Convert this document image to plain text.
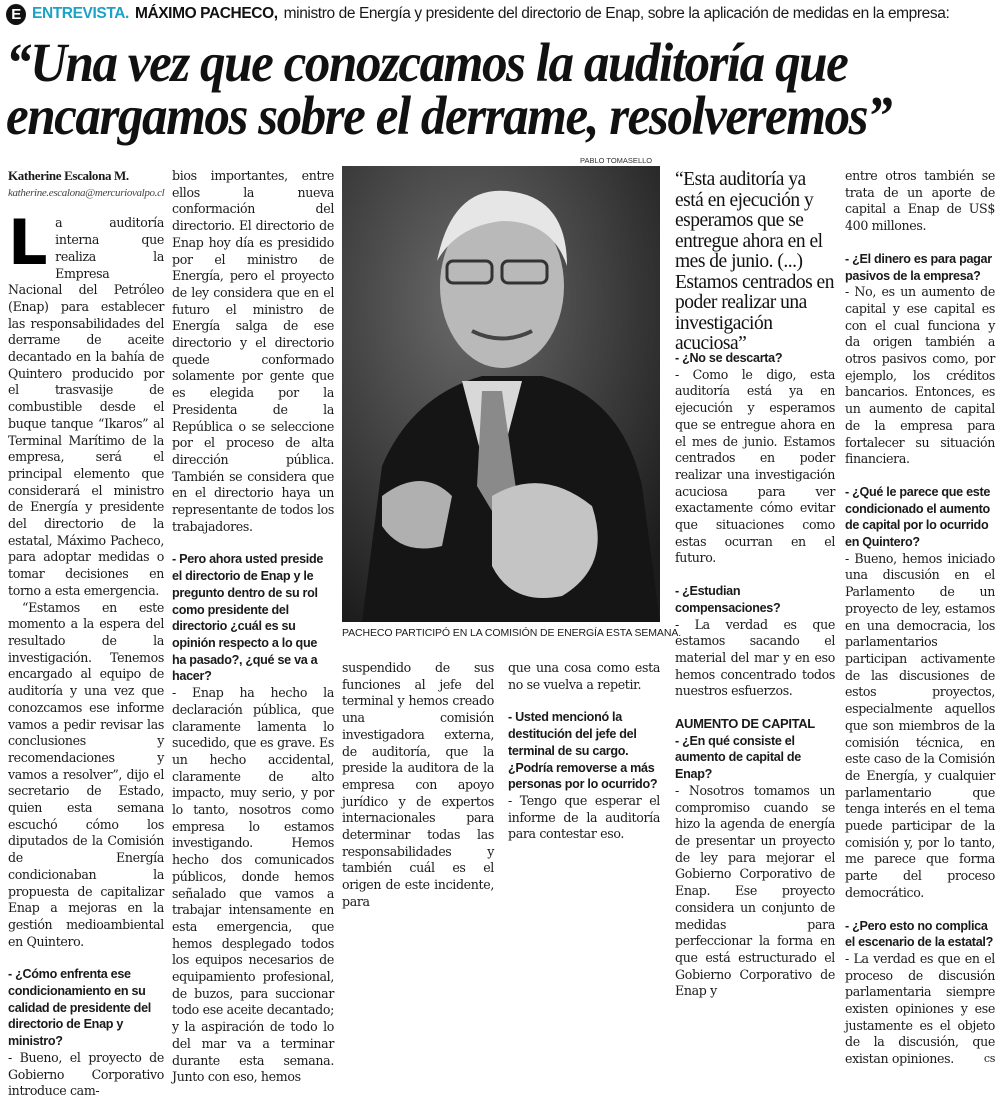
E ENTREVISTA. MÁXIMO PACHECO, ministro de Energía y presidente del directorio de Enap, sobre la aplicación de medidas en la empresa:
“Una vez que conozcamos la auditoría que encargamos sobre el derrame, resolveremos”
Katherine Escalona M.
katherine.escalona@mercuriovalpo.cl

La auditoría interna que realiza la Empresa Nacional del Petróleo (Enap) para establecer las responsabilidades del derrame de aceite decantado en la bahía de Quintero producido por el trasvasije de combustible desde el buque tanque “Ikaros” al Terminal Marítimo de la empresa, será el principal elemento que considerará el ministro de Energía y presidente del directorio de la estatal, Máximo Pacheco, para adoptar medidas o tomar decisiones en torno a esta emergencia.

“Estamos en este momento a la espera del resultado de la investigación. Tenemos encargado al equipo de auditoría y una vez que conozcamos ese informe vamos a pedir revisar las conclusiones y recomendaciones y vamos a resolver”, dijo el secretario de Estado, quien esta semana escuchó cómo los diputados de la Comisión de Energía condicionaban la propuesta de capitalizar Enap a mejoras en la gestión medioambiental en Quintero.

- ¿Cómo enfrenta ese condicionamiento en su calidad de presidente del directorio de Enap y ministro?

- Bueno, el proyecto de Gobierno Corporativo introduce cam-

bios importantes, entre ellos la nueva conformación del directorio. El directorio de Enap hoy día es presidido por el ministro de Energía, pero el proyecto de ley considera que en el futuro el ministro de Energía salga de ese directorio y el directorio quede conformado solamente por gente que es elegida por la Presidenta de la República o se seleccione por el proceso de alta dirección pública. También se considera que en el directorio haya un representante de todos los trabajadores.

- Pero ahora usted preside el directorio de Enap y le pregunto dentro de su rol como presidente del directorio ¿cuál es su opinión respecto a lo que ha pasado?, ¿qué se va a hacer?

- Enap ha hecho la declaración pública, que claramente lamenta lo sucedido, que es grave. Es un hecho accidental, claramente de alto impacto, muy serio, y por lo tanto, nosotros como empresa lo estamos investigando. Hemos hecho dos comunicados públicos, donde hemos señalado que vamos a trabajar intensamente en esta emergencia, que hemos desplegado todos los equipos necesarios de equipamiento profesional, de buzos, para succionar todo ese aceite decantado; y la aspiración de todo lo del mar va a terminar durante esta semana. Junto con eso, hemos

PABLO TOMASELLO
PACHECO PARTICIPÓ EN LA COMISIÓN DE ENERGÍA ESTA SEMANA.

suspendido de sus funciones al jefe del terminal y hemos creado una comisión investigadora externa, de auditoría, que la preside la auditora de la empresa con apoyo jurídico y de expertos internacionales para determinar todas las responsabilidades y también cuál es el origen de este incidente, para

que una cosa como esta no se vuelva a repetir.

- Usted mencionó la destitución del jefe del terminal de su cargo. ¿Podría removerse a más personas por lo ocurrido?

- Tengo que esperar el informe de la auditoría para contestar eso.

“Esta auditoría ya está en ejecución y esperamos que se entregue ahora en el mes de junio. (...) Estamos centrados en poder realizar una investigación acuciosa”

- ¿No se descarta?

- Como le digo, esta auditoría está ya en ejecución y esperamos que se entregue ahora en el mes de junio. Estamos centrados en poder realizar una investigación acuciosa para ver exactamente cómo evitar que situaciones como estas ocurran en el futuro.

- ¿Estudian compensaciones?

- La verdad es que estamos sacando el material del mar y en eso hemos concentrado todos nuestros esfuerzos.

AUMENTO DE CAPITAL

- ¿En qué consiste el aumento de capital de Enap?

- Nosotros tomamos un compromiso cuando se hizo la agenda de energía de presentar un proyecto de ley para mejorar el Gobierno Corporativo de Enap. Ese proyecto considera un conjunto de medidas para perfeccionar la forma en que está estructurado el Gobierno Corporativo de Enap y

entre otros también se trata de un aporte de capital a Enap de US$ 400 millones.

- ¿El dinero es para pagar pasivos de la empresa?

- No, es un aumento de capital y ese capital es con el cual funciona y da origen también a otros pasivos como, por ejemplo, los créditos bancarios. Entonces, es un aumento de capital de la empresa para fortalecer su situación financiera.

- ¿Qué le parece que este condicionado el aumento de capital por lo ocurrido en Quintero?

- Bueno, hemos iniciado una discusión en el Parlamento de un proyecto de ley, estamos en una democracia, los parlamentarios participan activamente de las discusiones de estos proyectos, especialmente aquellos que son miembros de la comisión técnica, en este caso de la Comisión de Energía, y cualquier parlamentario que tenga interés en el tema puede participar de la comisión y, por lo tanto, me parece que forma parte del proceso democrático.

- ¿Pero esto no complica el escenario de la estatal?

- La verdad es que en el proceso de discusión parlamentaria siempre existen opiniones y ese justamente es el objeto de la discusión, que existan opiniones.	cs
